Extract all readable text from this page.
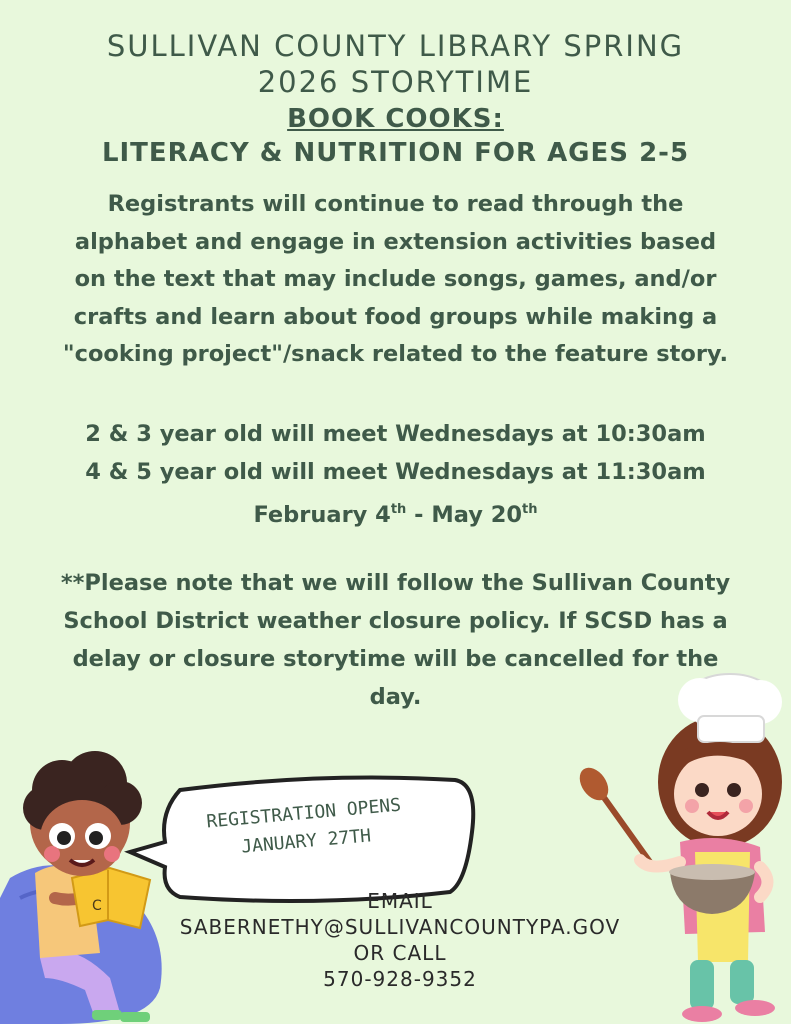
SULLIVAN COUNTY LIBRARY SPRING
2026 STORYTIME
BOOK COOKS:
LITERACY & NUTRITION FOR AGES 2-5
Registrants will continue to read through the
alphabet and engage in extension activities based
on the text that may include songs, games, and/or
crafts and learn about food groups while making a
"cooking project"/snack related to the feature story.
2 & 3 year old will meet Wednesdays at 10:30am
4 & 5 year old will meet Wednesdays at 11:30am
February 4th - May 20th
**Please note that we will follow the Sullivan County
School District weather closure policy. If SCSD has a
delay or closure storytime will be cancelled for the
day.
C
REGISTRATION OPENS
JANUARY 27TH
EMAIL
SABERNETHY@SULLIVANCOUNTYPA.GOV
OR CALL
570-928-9352
